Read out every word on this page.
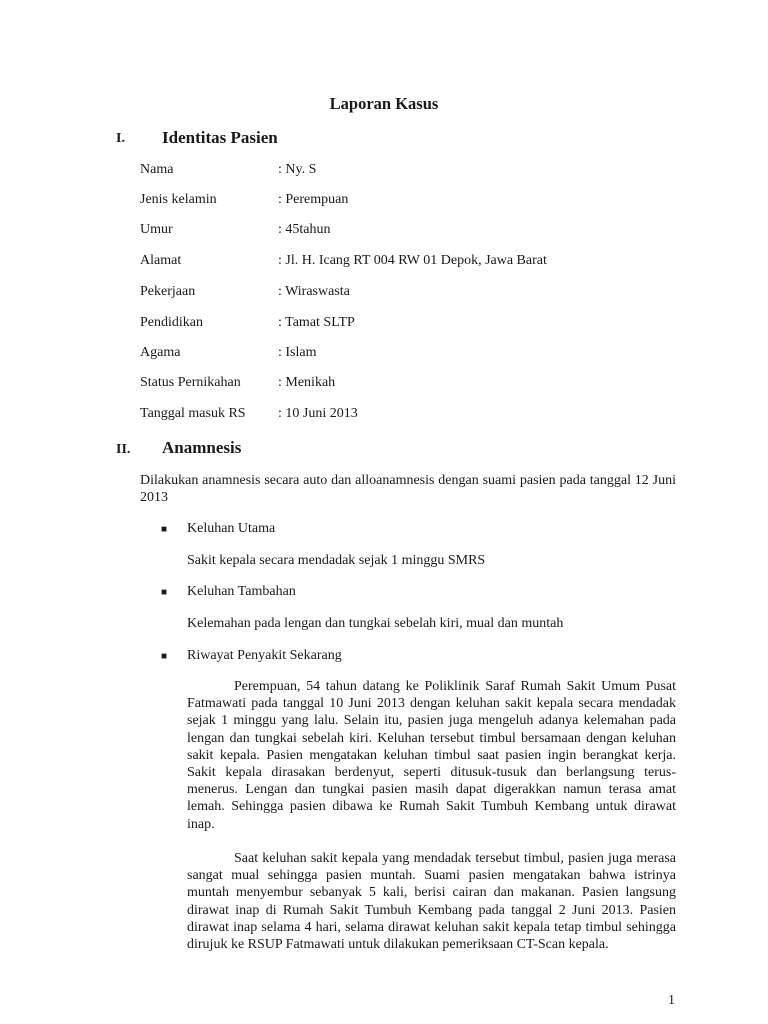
Laporan Kasus
I. Identitas Pasien
Nama	: Ny. S
Jenis kelamin	: Perempuan
Umur	: 45tahun
Alamat	: Jl. H. Icang RT 004 RW 01 Depok, Jawa Barat
Pekerjaan	: Wiraswasta
Pendidikan	: Tamat SLTP
Agama	: Islam
Status Pernikahan	: Menikah
Tanggal masuk RS : 10 Juni 2013
II. Anamnesis
Dilakukan anamnesis secara auto dan alloanamnesis dengan suami pasien pada tanggal 12 Juni 2013
■ Keluhan Utama
Sakit kepala secara mendadak sejak 1 minggu SMRS
■ Keluhan Tambahan
Kelemahan pada lengan dan tungkai sebelah kiri, mual dan muntah
■ Riwayat Penyakit Sekarang
Perempuan, 54 tahun datang ke Poliklinik Saraf Rumah Sakit Umum Pusat Fatmawati pada tanggal 10 Juni 2013 dengan keluhan sakit kepala secara mendadak sejak 1 minggu yang lalu. Selain itu, pasien juga mengeluh adanya kelemahan pada lengan dan tungkai sebelah kiri. Keluhan tersebut timbul bersamaan dengan keluhan sakit kepala. Pasien mengatakan keluhan timbul saat pasien ingin berangkat kerja. Sakit kepala dirasakan berdenyut, seperti ditusuk-tusuk dan berlangsung terus-menerus. Lengan dan tungkai pasien masih dapat digerakkan namun terasa amat lemah. Sehingga pasien dibawa ke Rumah Sakit Tumbuh Kembang untuk dirawat inap.
Saat keluhan sakit kepala yang mendadak tersebut timbul, pasien juga merasa sangat mual sehingga pasien muntah. Suami pasien mengatakan bahwa istrinya muntah menyembur sebanyak 5 kali, berisi cairan dan makanan. Pasien langsung dirawat inap di Rumah Sakit Tumbuh Kembang pada tanggal 2 Juni 2013. Pasien dirawat inap selama 4 hari, selama dirawat keluhan sakit kepala tetap timbul sehingga dirujuk ke RSUP Fatmawati untuk dilakukan pemeriksaan CT-Scan kepala.
1
